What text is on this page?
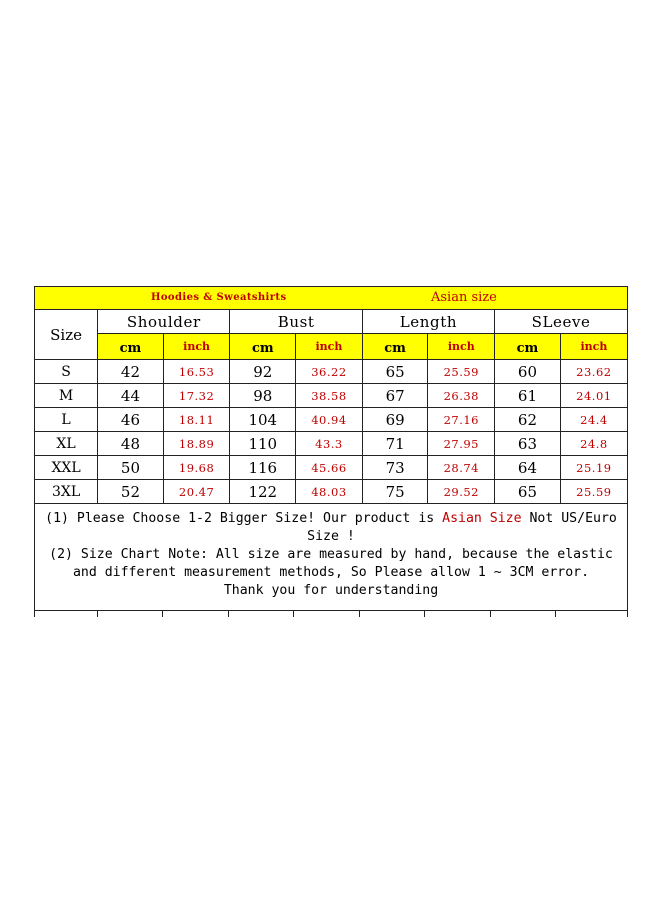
Hoodies & Sweatshirts	Asian size
Size	Shoulder		Bust		Length		SLeeve	
	cm	inch	cm	inch	cm	inch	cm	inch
S	42	16.53	92	36.22	65	25.59	60	23.62
M	44	17.32	98	38.58	67	26.38	61	24.01
L	46	18.11	104	40.94	69	27.16	62	24.4
XL	48	18.89	110	43.3	71	27.95	63	24.8
XXL	50	19.68	116	45.66	73	28.74	64	25.19
3XL	52	20.47	122	48.03	75	29.52	65	25.59
(1) Please Choose 1-2 Bigger Size! Our product is Asian Size Not US/Euro Size !
(2) Size Chart Note: All size are measured by hand, because the elastic and different measurement methods, So Please allow 1 ~ 3CM error.
Thank you for understanding
